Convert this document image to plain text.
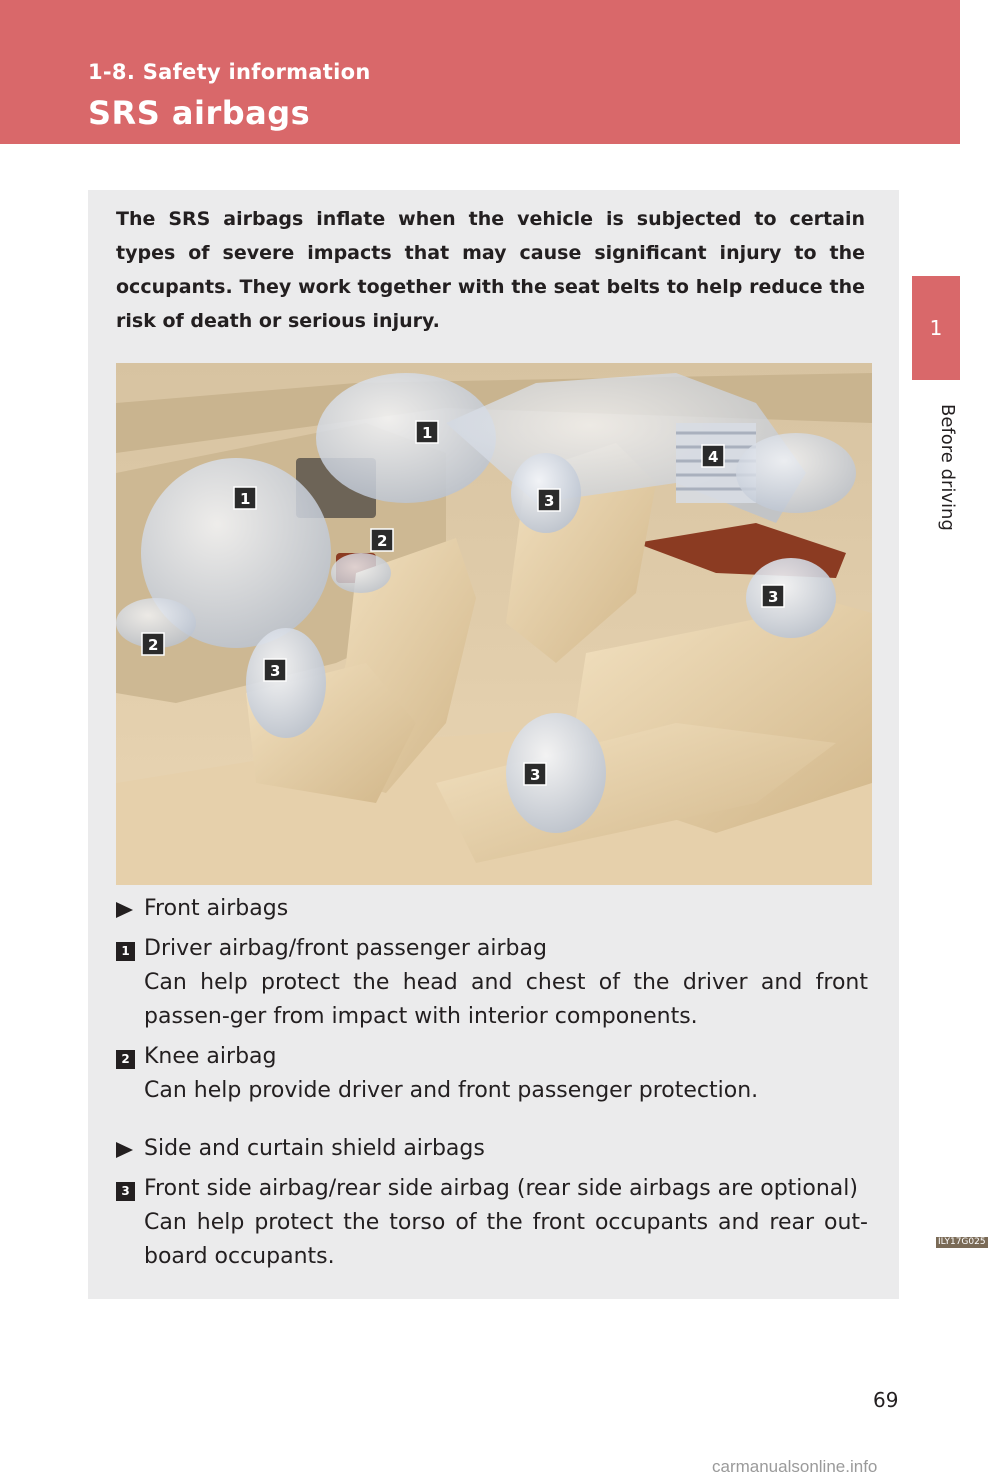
1-8. Safety information
SRS airbags
1
Before driving
The SRS airbags inflate when the vehicle is subjected to certain types of severe impacts that may cause significant injury to the occupants. They work together with the seat belts to help reduce the risk of death or serious injury.
1
1
2
2
3
3
3
3
4
ILY17G025
Front airbags
1 Driver airbag/front passenger airbag
Can help protect the head and chest of the driver and front passen-ger from impact with interior components.
2 Knee airbag
Can help provide driver and front passenger protection.
Side and curtain shield airbags
3 Front side airbag/rear side airbag (rear side airbags are optional)
Can help protect the torso of the front occupants and rear out-board occupants.
69
carmanualsonline.info
